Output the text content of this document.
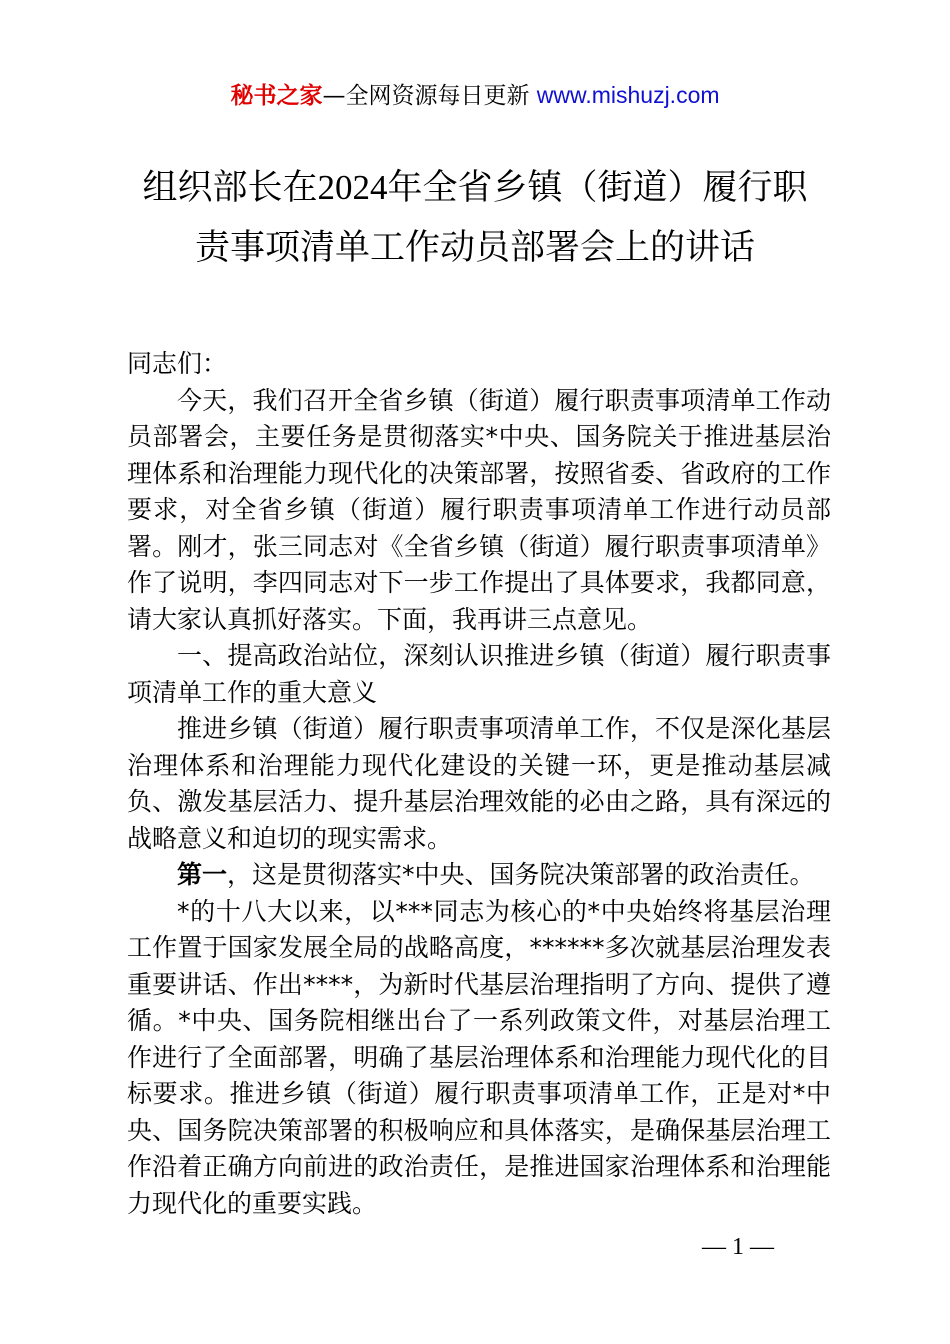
秘书之家—全网资源每日更新 www.mishuzj.com
组织部长在2024年全省乡镇（街道）履行职
责事项清单工作动员部署会上的讲话

同志们：

今天，我们召开全省乡镇（街道）履行职责事项清单工作动员部署会，主要任务是贯彻落实*中央、国务院关于推进基层治理体系和治理能力现代化的决策部署，按照省委、省政府的工作要求，对全省乡镇（街道）履行职责事项清单工作进行动员部署。刚才，张三同志对《全省乡镇（街道）履行职责事项清单》作了说明，李四同志对下一步工作提出了具体要求，我都同意，请大家认真抓好落实。下面，我再讲三点意见。

一、提高政治站位，深刻认识推进乡镇（街道）履行职责事项清单工作的重大意义

推进乡镇（街道）履行职责事项清单工作，不仅是深化基层治理体系和治理能力现代化建设的关键一环，更是推动基层减负、激发基层活力、提升基层治理效能的必由之路，具有深远的战略意义和迫切的现实需求。

第一，这是贯彻落实*中央、国务院决策部署的政治责任。

*的十八大以来，以***同志为核心的*中央始终将基层治理工作置于国家发展全局的战略高度，******多次就基层治理发表重要讲话、作出****，为新时代基层治理指明了方向、提供了遵循。*中央、国务院相继出台了一系列政策文件，对基层治理工作进行了全面部署，明确了基层治理体系和治理能力现代化的目标要求。推进乡镇（街道）履行职责事项清单工作，正是对*中央、国务院决策部署的积极响应和具体落实，是确保基层治理工作沿着正确方向前进的政治责任，是推进国家治理体系和治理能力现代化的重要实践。

— 1 —
